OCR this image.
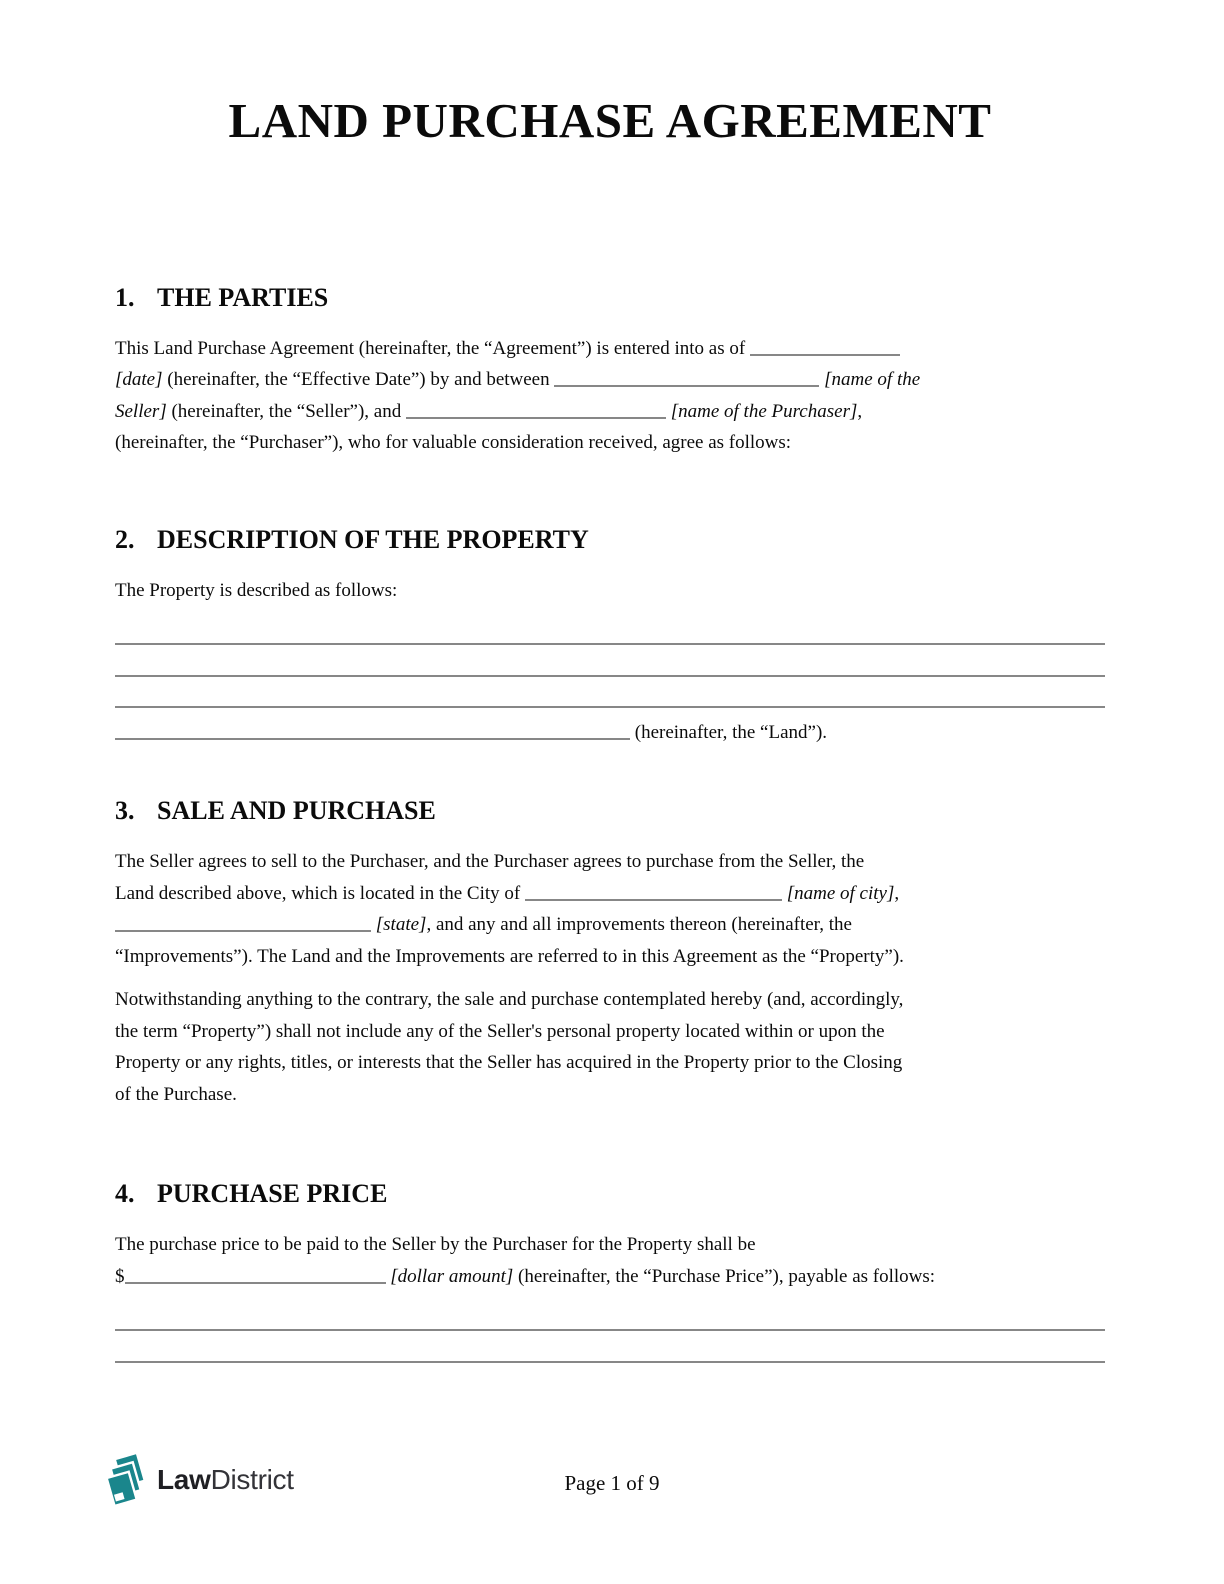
LAND PURCHASE AGREEMENT
1. THE PARTIES
This Land Purchase Agreement (hereinafter, the “Agreement”) is entered into as of
[date] (hereinafter, the “Effective Date”) by and between	[name of the
Seller] (hereinafter, the “Seller”), and	[name of the Purchaser],
(hereinafter, the “Purchaser”), who for valuable consideration received, agree as follows:
2. DESCRIPTION OF THE PROPERTY
The Property is described as follows:
(hereinafter, the “Land”).
3. SALE AND PURCHASE
The Seller agrees to sell to the Purchaser, and the Purchaser agrees to purchase from the Seller, the
Land described above, which is located in the City of	[name of city],
[state], and any and all improvements thereon (hereinafter, the
“Improvements”). The Land and the Improvements are referred to in this Agreement as the “Property”).
Notwithstanding anything to the contrary, the sale and purchase contemplated hereby (and, accordingly,
the term “Property”) shall not include any of the Seller's personal property located within or upon the
Property or any rights, titles, or interests that the Seller has acquired in the Property prior to the Closing
of the Purchase.
4. PURCHASE PRICE
The purchase price to be paid to the Seller by the Purchaser for the Property shall be
$	[dollar amount] (hereinafter, the “Purchase Price”), payable as follows:
LawDistrict	Page 1 of 9
